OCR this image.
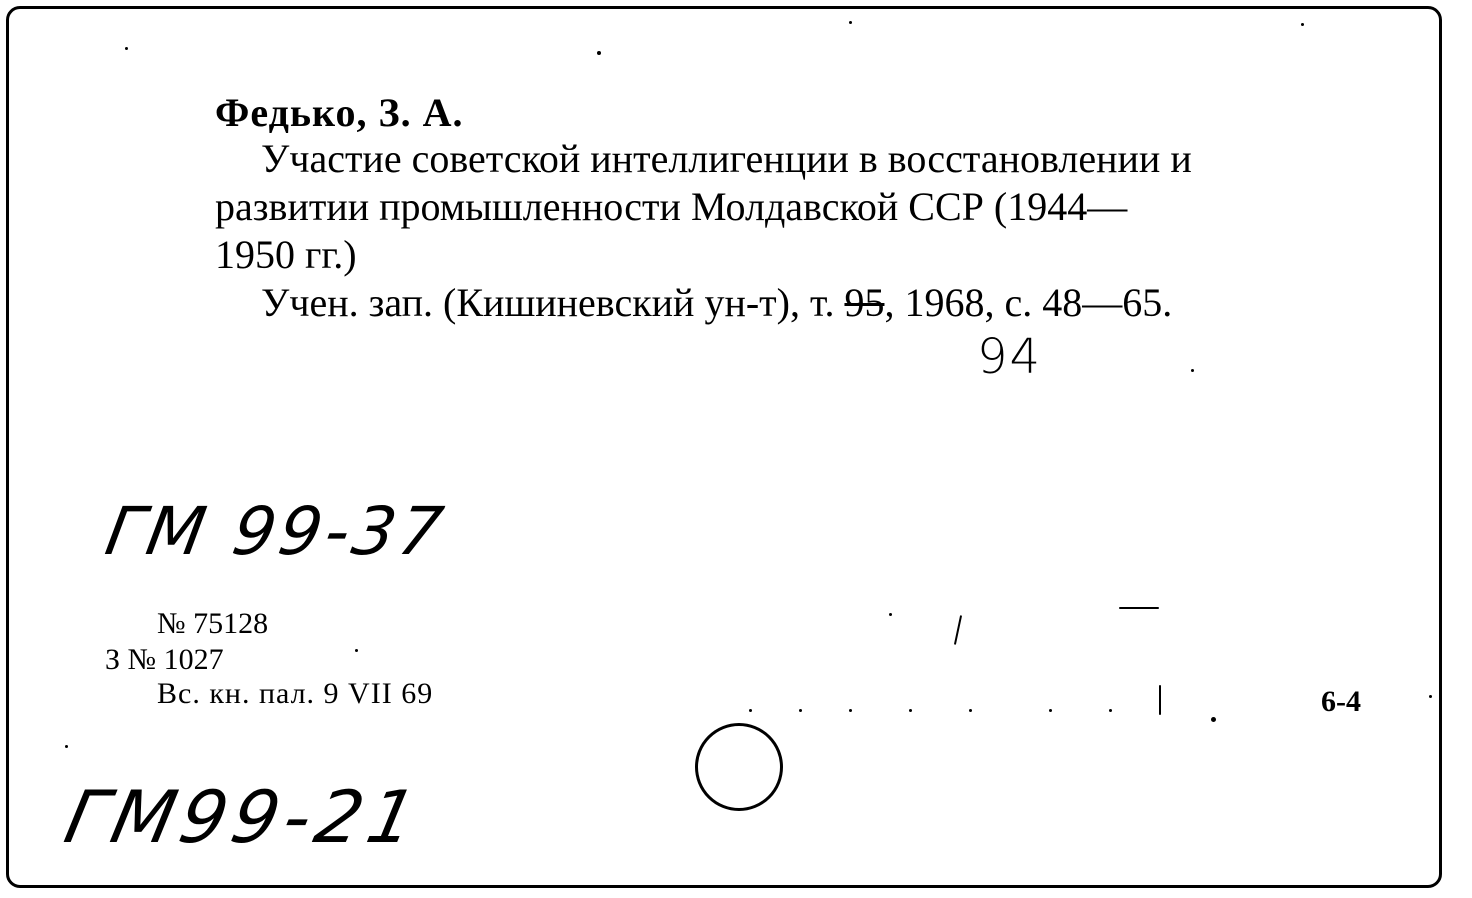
Федько, З. А.
Участие советской интеллигенции в восстановлении и
развитии промышленности Молдавской ССР (1944—
1950 гг.)
Учен. зап. (Кишиневский ун-т), т. 95, 1968, с. 48—65.
94
ГМ 99-37
№ 75128
З № 1027
Вс. кн. пал. 9 VII 69	6-4
ГМ99-21
